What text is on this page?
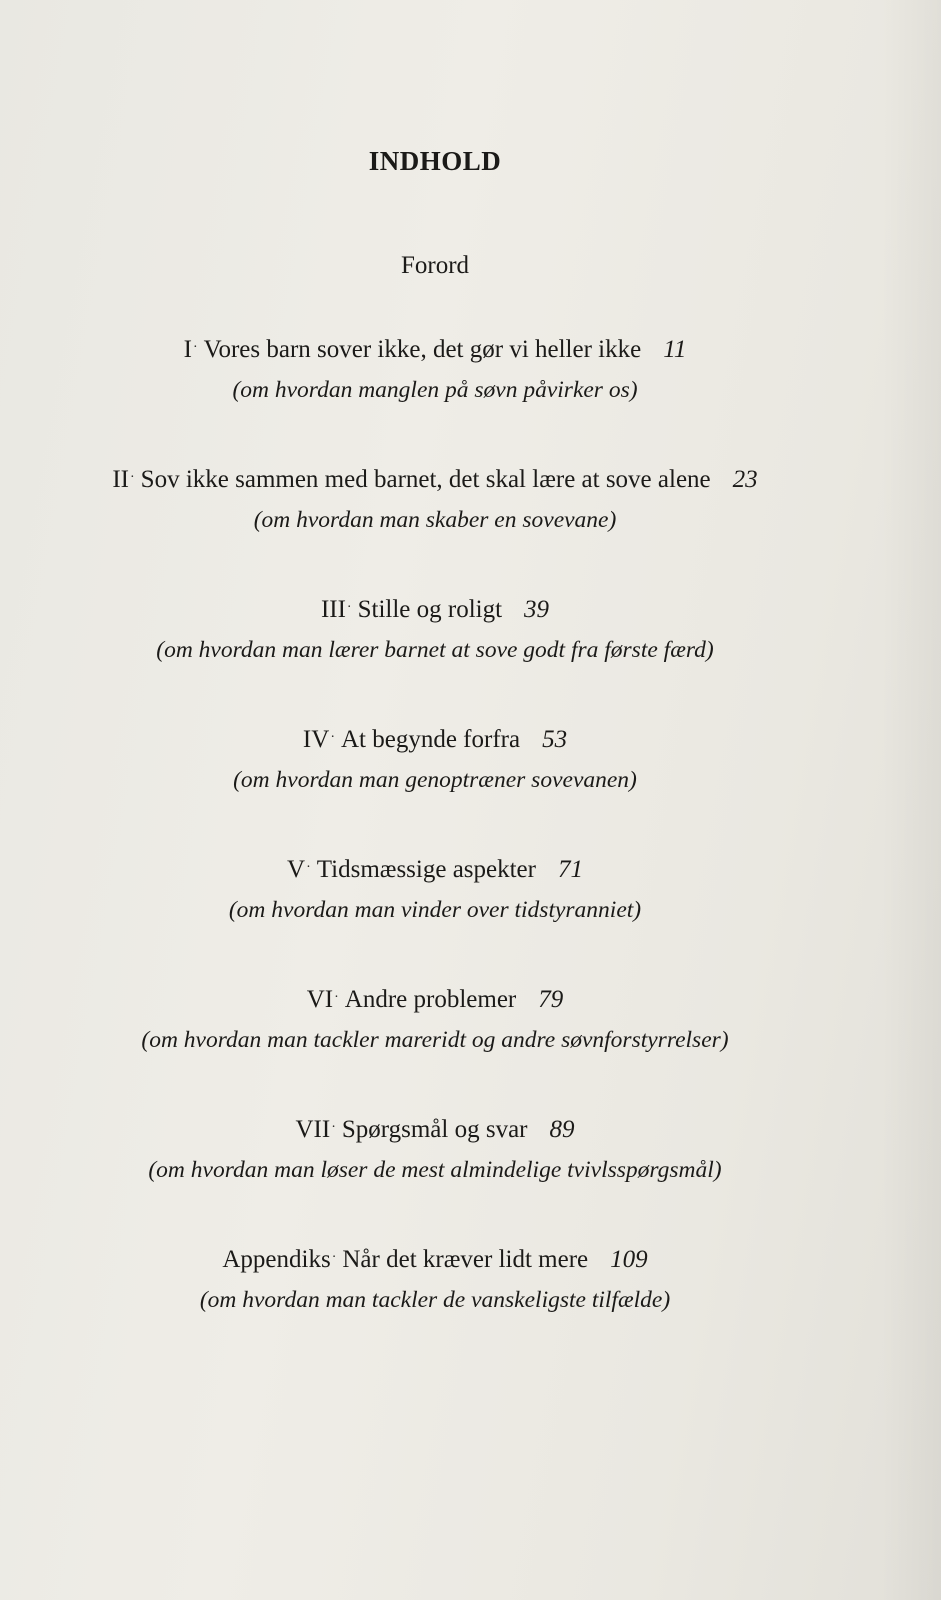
INDHOLD
Forord
I · Vores barn sover ikke, det gør vi heller ikke 11
(om hvordan manglen på søvn påvirker os)
II · Sov ikke sammen med barnet, det skal lære at sove alene 23
(om hvordan man skaber en sovevane)
III · Stille og roligt 39
(om hvordan man lærer barnet at sove godt fra første færd)
IV · At begynde forfra 53
(om hvordan man genoptræner sovevanen)
V · Tidsmæssige aspekter 71
(om hvordan man vinder over tidstyranniet)
VI · Andre problemer 79
(om hvordan man tackler mareridt og andre søvnforstyrrelser)
VII · Spørgsmål og svar 89
(om hvordan man løser de mest almindelige tvivlsspørgsmål)
Appendiks · Når det kræver lidt mere 109
(om hvordan man tackler de vanskeligste tilfælde)
